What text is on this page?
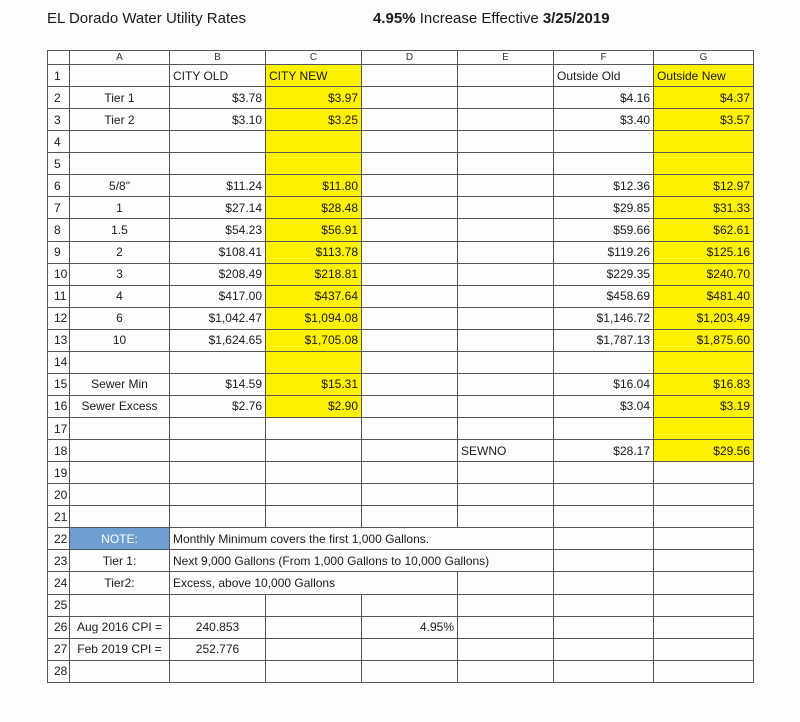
EL Dorado Water Utility Rates	4.95% Increase Effective 3/25/2019
	A	B	C	D	E	F	G
1		CITY OLD	CITY NEW			Outside Old	Outside New
2	Tier 1	$3.78	$3.97			$4.16	$4.37
3	Tier 2	$3.10	$3.25			$3.40	$3.57
4							
5							
6	5/8"	$11.24	$11.80			$12.36	$12.97
7	1	$27.14	$28.48			$29.85	$31.33
8	1.5	$54.23	$56.91			$59.66	$62.61
9	2	$108.41	$113.78			$119.26	$125.16
10	3	$208.49	$218.81			$229.35	$240.70
11	4	$417.00	$437.64			$458.69	$481.40
12	6	$1,042.47	$1,094.08			$1,146.72	$1,203.49
13	10	$1,624.65	$1,705.08			$1,787.13	$1,875.60
14							
15	Sewer Min	$14.59	$15.31			$16.04	$16.83
16	Sewer Excess	$2.76	$2.90			$3.04	$3.19
17							
18					SEWNO	$28.17	$29.56
19							
20							
21							
22	NOTE:	Monthly Minimum covers the first 1,000 Gallons.					
23	Tier 1:	Next 9,000 Gallons (From 1,000 Gallons to 10,000 Gallons)					
24	Tier2:	Excess, above 10,000 Gallons					
25							
26	Aug 2016 CPI =	240.853		4.95%			
27	Feb 2019 CPI =	252.776					
28							
